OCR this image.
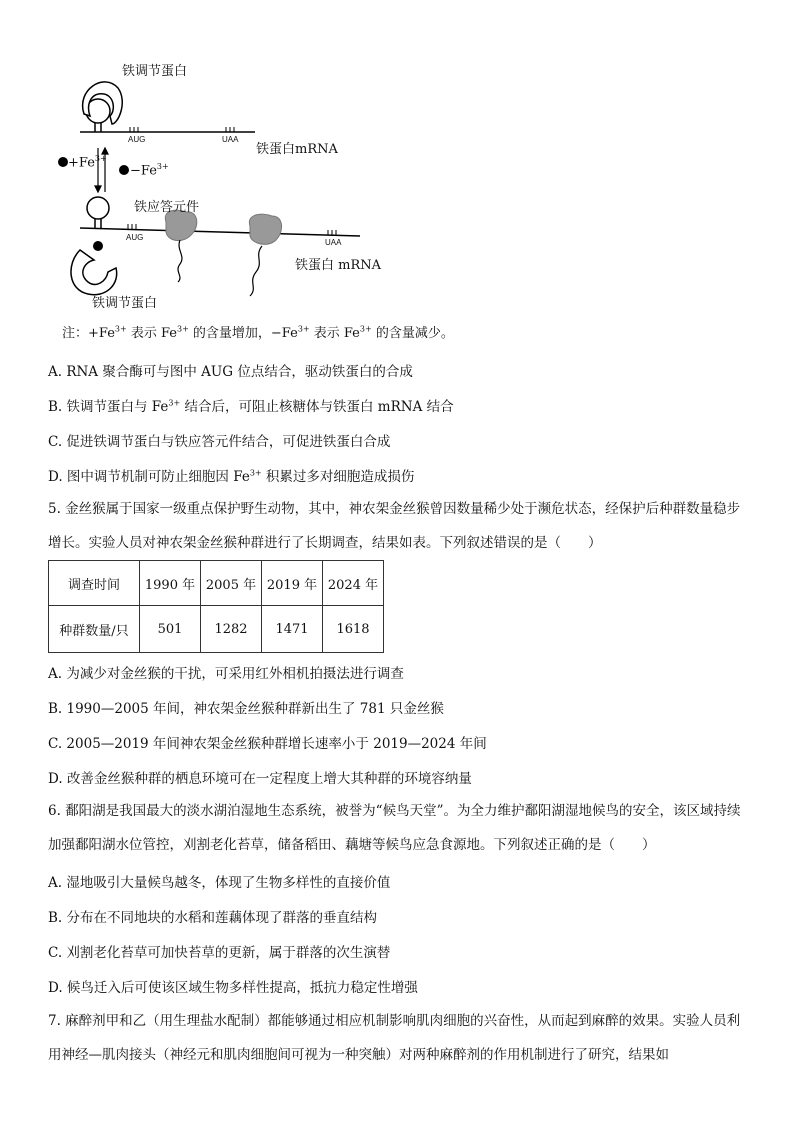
铁调节蛋白
AUG	UAA
铁蛋白mRNA
$+Fe^{3+}$
$-Fe^{3+}$
铁应答元件
AUG
UAA
铁蛋白 mRNA
铁调节蛋白
注：$+Fe^{3+}$ 表示 $Fe^{3+}$ 的含量增加，$-Fe^{3+}$ 表示 $Fe^{3+}$ 的含量减少。
A. RNA 聚合酶可与图中 AUG 位点结合，驱动铁蛋白的合成
B. 铁调节蛋白与 $Fe^{3+}$ 结合后，可阻止核糖体与铁蛋白 mRNA 结合
C. 促进铁调节蛋白与铁应答元件结合，可促进铁蛋白合成
D. 图中调节机制可防止细胞因 $Fe^{3+}$ 积累过多对细胞造成损伤
5. 金丝猴属于国家一级重点保护野生动物，其中，神农架金丝猴曾因数量稀少处于濒危状态，经保护后种群数量稳步增长。实验人员对神农架金丝猴种群进行了长期调查，结果如表。下列叙述错误的是（　　）
调查时间	1990 年	2005 年	2019 年	2024 年
种群数量/只	501	1282	1471	1618
A. 为减少对金丝猴的干扰，可采用红外相机拍摄法进行调查
B. 1990—2005 年间，神农架金丝猴种群新出生了 781 只金丝猴
C. 2005—2019 年间神农架金丝猴种群增长速率小于 2019—2024 年间
D. 改善金丝猴种群的栖息环境可在一定程度上增大其种群的环境容纳量
6. 鄱阳湖是我国最大的淡水湖泊湿地生态系统，被誉为“候鸟天堂”。为全力维护鄱阳湖湿地候鸟的安全，该区域持续加强鄱阳湖水位管控，刈割老化苔草，储备稻田、藕塘等候鸟应急食源地。下列叙述正确的是（　　）
A. 湿地吸引大量候鸟越冬，体现了生物多样性的直接价值
B. 分布在不同地块的水稻和莲藕体现了群落的垂直结构
C. 刈割老化苔草可加快苔草的更新，属于群落的次生演替
D. 候鸟迁入后可使该区域生物多样性提高，抵抗力稳定性增强
7. 麻醉剂甲和乙（用生理盐水配制）都能够通过相应机制影响肌肉细胞的兴奋性，从而起到麻醉的效果。实验人员利用神经—肌肉接头（神经元和肌肉细胞间可视为一种突触）对两种麻醉剂的作用机制进行了研究，结果如
